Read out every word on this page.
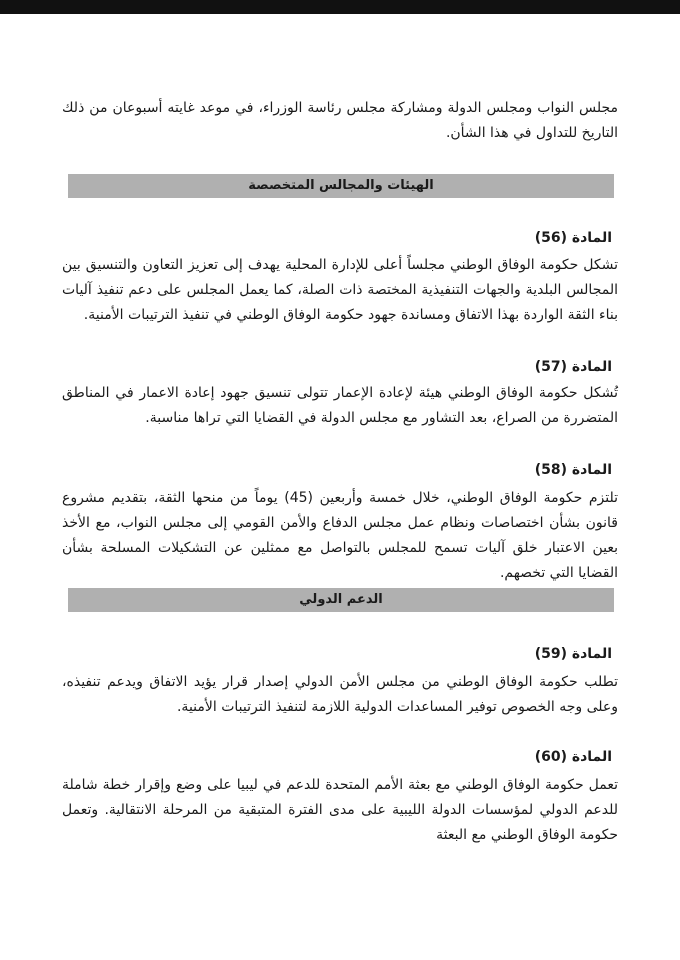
مجلس النواب ومجلس الدولة ومشاركة مجلس رئاسة الوزراء، في موعد غايته أسبوعان من ذلك التاريخ للتداول في هذا الشأن.

الهيئات والمجالس المتخصصة

المادة (56)

تشكل حكومة الوفاق الوطني مجلساً أعلى للإدارة المحلية يهدف إلى تعزيز التعاون والتنسيق بين المجالس البلدية والجهات التنفيذية المختصة ذات الصلة، كما يعمل المجلس على دعم تنفيذ آليات بناء الثقة الواردة بهذا الاتفاق ومساندة جهود حكومة الوفاق الوطني في تنفيذ الترتيبات الأمنية.

المادة (57)

تُشكل حكومة الوفاق الوطني هيئة لإعادة الإعمار تتولى تنسيق جهود إعادة الاعمار في المناطق المتضررة من الصراع، بعد التشاور مع مجلس الدولة في القضايا التي تراها مناسبة.

المادة (58)

تلتزم حكومة الوفاق الوطني، خلال خمسة وأربعين (45) يوماً من منحها الثقة، بتقديم مشروع قانون بشأن اختصاصات ونظام عمل مجلس الدفاع والأمن القومي إلى مجلس النواب، مع الأخذ بعين الاعتبار خلق آليات تسمح للمجلس بالتواصل مع ممثلين عن التشكيلات المسلحة بشأن القضايا التي تخصهم.

الدعم الدولي

المادة (59)

تطلب حكومة الوفاق الوطني من مجلس الأمن الدولي إصدار قرار يؤيد الاتفاق ويدعم تنفيذه، وعلى وجه الخصوص توفير المساعدات الدولية اللازمة لتنفيذ الترتيبات الأمنية.

المادة (60)

تعمل حكومة الوفاق الوطني مع بعثة الأمم المتحدة للدعم في ليبيا على وضع وإقرار خطة شاملة للدعم الدولي لمؤسسات الدولة الليبية على مدى الفترة المتبقية من المرحلة الانتقالية. وتعمل حكومة الوفاق الوطني مع البعثة
